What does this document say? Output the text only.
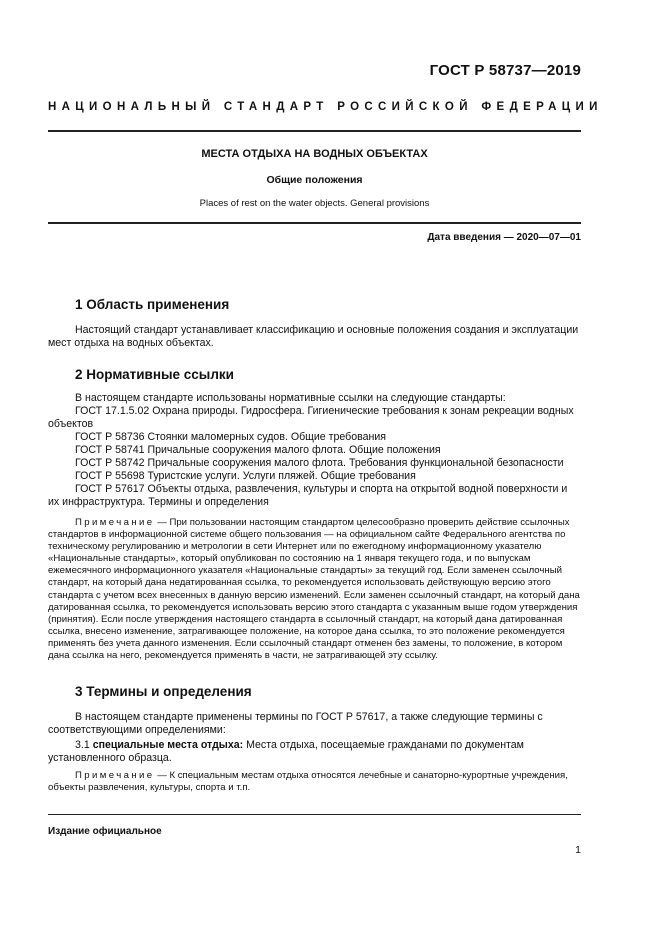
ГОСТ Р 58737—2019
НАЦИОНАЛЬНЫЙ СТАНДАРТ РОССИЙСКОЙ ФЕДЕРАЦИИ
МЕСТА ОТДЫХА НА ВОДНЫХ ОБЪЕКТАХ
Общие положения
Places of rest on the water objects. General provisions
Дата введения — 2020—07—01
1 Область применения
Настоящий стандарт устанавливает классификацию и основные положения создания и эксплуатации мест отдыха на водных объектах.
2 Нормативные ссылки
В настоящем стандарте использованы нормативные ссылки на следующие стандарты:
ГОСТ 17.1.5.02 Охрана природы. Гидросфера. Гигиенические требования к зонам рекреации водных объектов
ГОСТ Р 58736 Стоянки маломерных судов. Общие требования
ГОСТ Р 58741 Причальные сооружения малого флота. Общие положения
ГОСТ Р 58742 Причальные сооружения малого флота. Требования функциональной безопасности
ГОСТ Р 55698 Туристские услуги. Услуги пляжей. Общие требования
ГОСТ Р 57617 Объекты отдыха, развлечения, культуры и спорта на открытой водной поверхности и их инфраструктура. Термины и определения
Примечание — При пользовании настоящим стандартом целесообразно проверить действие ссылочных стандартов в информационной системе общего пользования — на официальном сайте Федерального агентства по техническому регулированию и метрологии в сети Интернет или по ежегодному информационному указателю «Национальные стандарты», который опубликован по состоянию на 1 января текущего года, и по выпускам ежемесячного информационного указателя «Национальные стандарты» за текущий год. Если заменен ссылочный стандарт, на который дана недатированная ссылка, то рекомендуется использовать действующую версию этого стандарта с учетом всех внесенных в данную версию изменений. Если заменен ссылочный стандарт, на который дана датированная ссылка, то рекомендуется использовать версию этого стандарта с указанным выше годом утверждения (принятия). Если после утверждения настоящего стандарта в ссылочный стандарт, на который дана датированная ссылка, внесено изменение, затрагивающее положение, на которое дана ссылка, то это положение рекомендуется применять без учета данного изменения. Если ссылочный стандарт отменен без замены, то положение, в котором дана ссылка на него, рекомендуется применять в части, не затрагивающей эту ссылку.
3 Термины и определения
В настоящем стандарте применены термины по ГОСТ Р 57617, а также следующие термины с соответствующими определениями:
3.1 специальные места отдыха: Места отдыха, посещаемые гражданами по документам установленного образца.
Примечание — К специальным местам отдыха относятся лечебные и санаторно-курортные учреждения, объекты развлечения, культуры, спорта и т.п.
Издание официальное
1
